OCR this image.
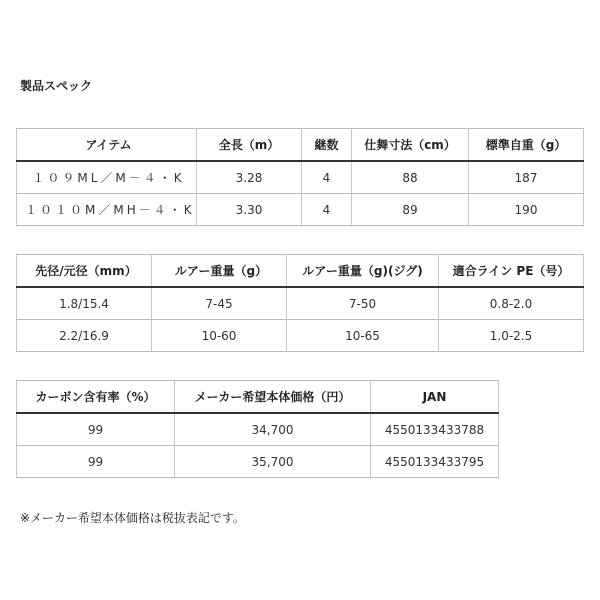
製品スペック
アイテム	全長（m）	継数	仕舞寸法（cm）	標準自重（g）
１０９ML／M－４・K	3.28	4	88	187
１０１０M／MH－４・K	3.30	4	89	190
先径/元径（mm）	ルアー重量（g）	ルアー重量（g)(ジグ)	適合ライン PE（号）
1.8/15.4	7-45	7-50	0.8-2.0
2.2/16.9	10-60	10-65	1.0-2.5
カーボン含有率（%）	メーカー希望本体価格（円）	JAN
99	34,700	4550133433788
99	35,700	4550133433795
※メーカー希望本体価格は税抜表記です。
